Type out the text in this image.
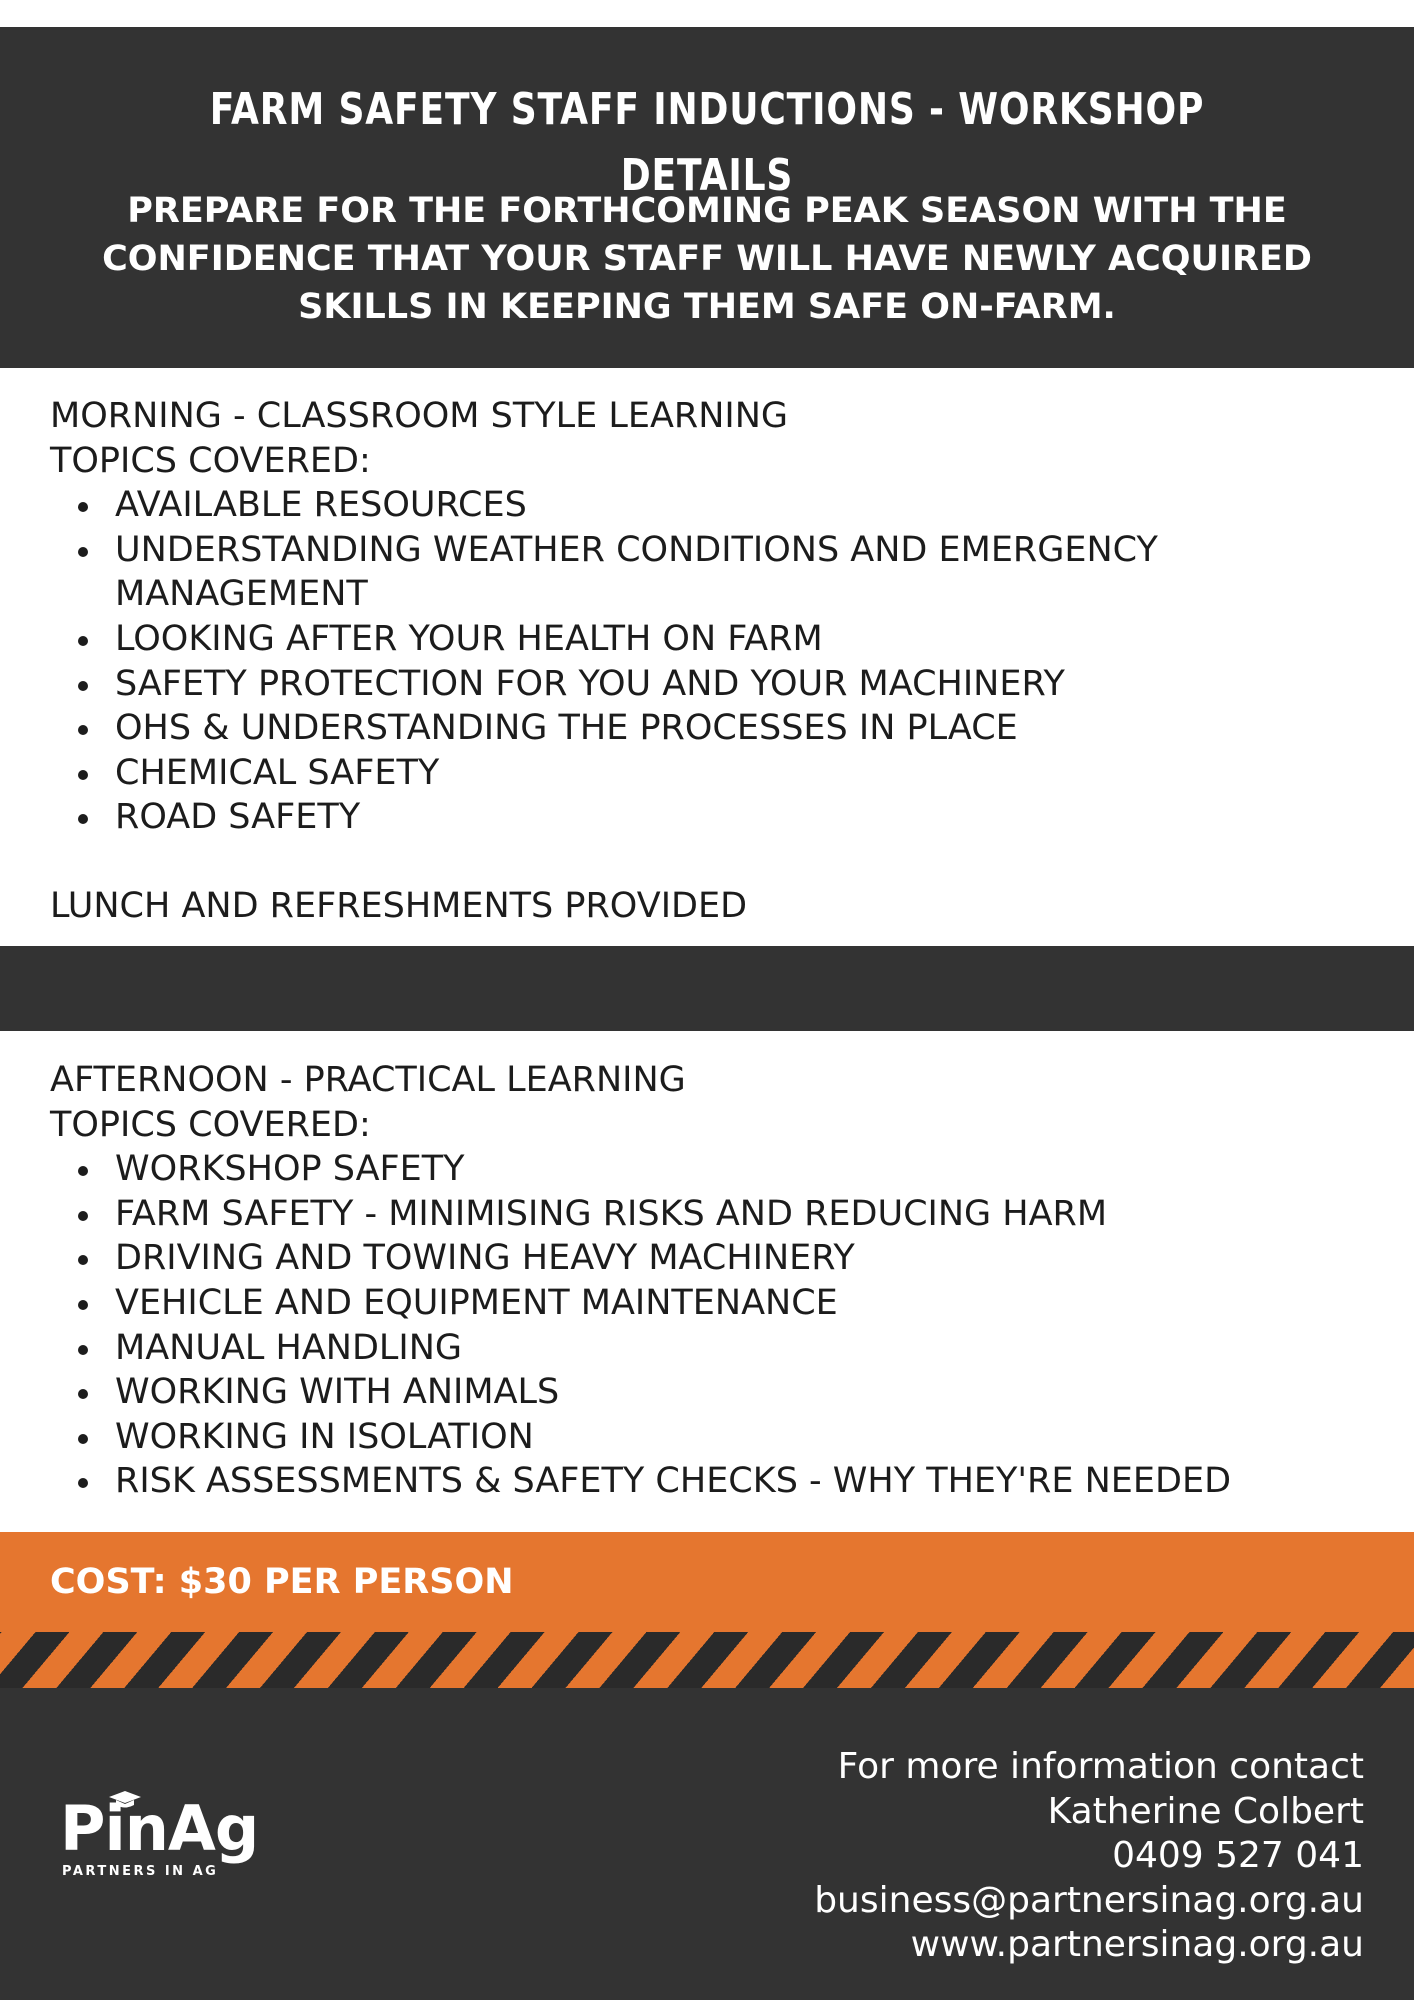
FARM SAFETY STAFF INDUCTIONS - WORKSHOP DETAILS
PREPARE FOR THE FORTHCOMING PEAK SEASON WITH THE
CONFIDENCE THAT YOUR STAFF WILL HAVE NEWLY ACQUIRED
SKILLS IN KEEPING THEM SAFE ON-FARM.
MORNING - CLASSROOM STYLE LEARNING
TOPICS COVERED:
AVAILABLE RESOURCES
UNDERSTANDING WEATHER CONDITIONS AND EMERGENCY MANAGEMENT
LOOKING AFTER YOUR HEALTH ON FARM
SAFETY PROTECTION FOR YOU AND YOUR MACHINERY
OHS & UNDERSTANDING THE PROCESSES IN PLACE
CHEMICAL SAFETY
ROAD SAFETY
LUNCH AND REFRESHMENTS PROVIDED
AFTERNOON - PRACTICAL LEARNING
TOPICS COVERED:
WORKSHOP SAFETY
FARM SAFETY - MINIMISING RISKS AND REDUCING HARM
DRIVING AND TOWING HEAVY MACHINERY
VEHICLE AND EQUIPMENT MAINTENANCE
MANUAL HANDLING
WORKING WITH ANIMALS
WORKING IN ISOLATION
RISK ASSESSMENTS & SAFETY CHECKS - WHY THEY'RE NEEDED
COST: $30 PER PERSON
PinAg
PARTNERS IN AG
For more information contact
Katherine Colbert
0409 527 041
business@partnersinag.org.au
www.partnersinag.org.au
